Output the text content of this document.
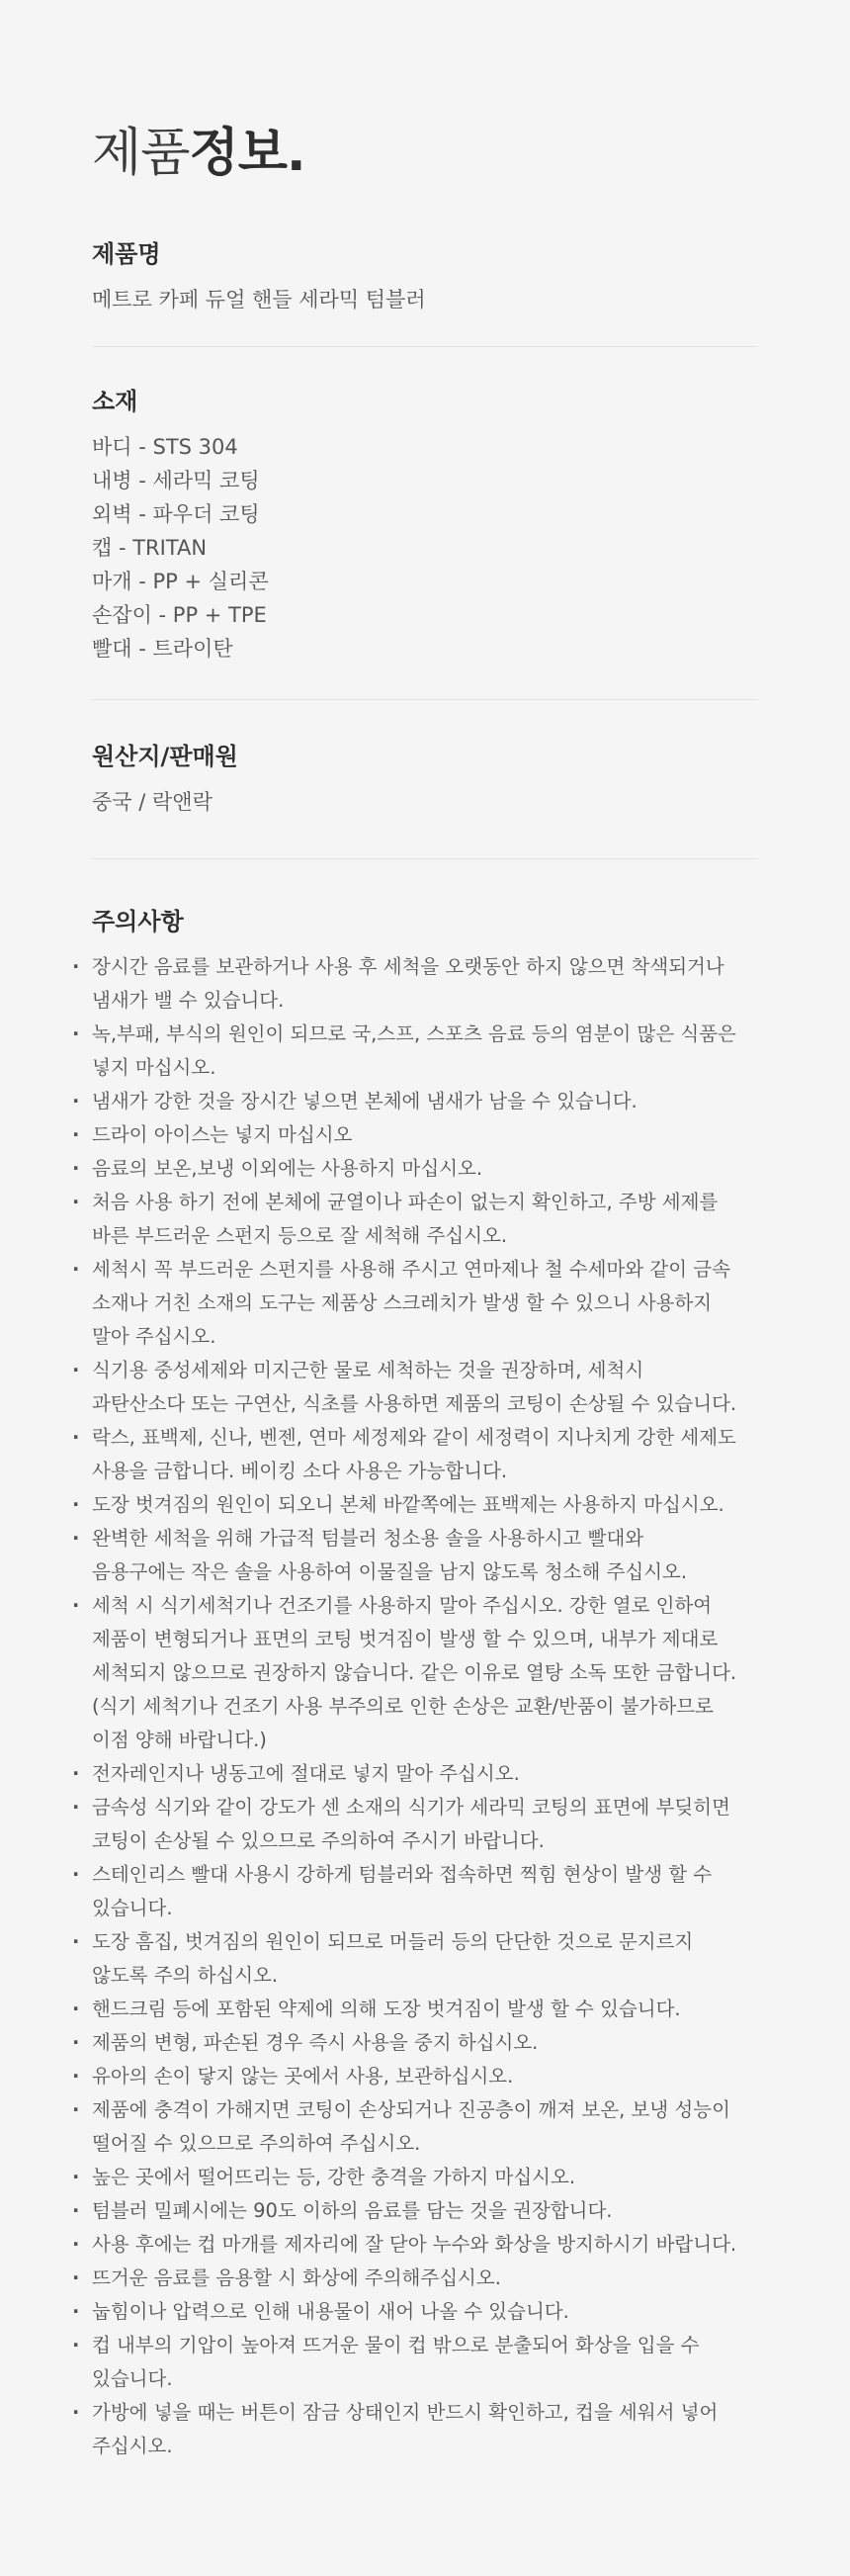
제품정보.
제품명
메트로 카페 듀얼 핸들 세라믹 텀블러
소재
바디 - STS 304
내병 - 세라믹 코팅
외벽 - 파우더 코팅
캡 - TRITAN
마개 - PP + 실리콘
손잡이 - PP + TPE
빨대 - 트라이탄
원산지/판매원
중국 / 락앤락
주의사항
· 장시간 음료를 보관하거나 사용 후 세척을 오랫동안 하지 않으면 착색되거나
냄새가 밸 수 있습니다.
· 녹,부패, 부식의 원인이 되므로 국,스프, 스포츠 음료 등의 염분이 많은 식품은
넣지 마십시오.
· 냄새가 강한 것을 장시간 넣으면 본체에 냄새가 남을 수 있습니다.
· 드라이 아이스는 넣지 마십시오
· 음료의 보온,보냉 이외에는 사용하지 마십시오.
· 처음 사용 하기 전에 본체에 균열이나 파손이 없는지 확인하고, 주방 세제를
바른 부드러운 스펀지 등으로 잘 세척해 주십시오.
· 세척시 꼭 부드러운 스펀지를 사용해 주시고 연마제나 철 수세마와 같이 금속
소재나 거친 소재의 도구는 제품상 스크레치가 발생 할 수 있으니 사용하지
말아 주십시오.
· 식기용 중성세제와 미지근한 물로 세척하는 것을 권장하며, 세척시
과탄산소다 또는 구연산, 식초를 사용하면 제품의 코팅이 손상될 수 있습니다.
· 락스, 표백제, 신나, 벤젠, 연마 세정제와 같이 세정력이 지나치게 강한 세제도
사용을 금합니다. 베이킹 소다 사용은 가능합니다.
· 도장 벗겨짐의 원인이 되오니 본체 바깥쪽에는 표백제는 사용하지 마십시오.
· 완벽한 세척을 위해 가급적 텀블러 청소용 솔을 사용하시고 빨대와
음용구에는 작은 솔을 사용하여 이물질을 남지 않도록 청소해 주십시오.
· 세척 시 식기세척기나 건조기를 사용하지 말아 주십시오. 강한 열로 인하여
제품이 변형되거나 표면의 코팅 벗겨짐이 발생 할 수 있으며, 내부가 제대로
세척되지 않으므로 권장하지 않습니다. 같은 이유로 열탕 소독 또한 금합니다.
(식기 세척기나 건조기 사용 부주의로 인한 손상은 교환/반품이 불가하므로
이점 양해 바랍니다.)
· 전자레인지나 냉동고에 절대로 넣지 말아 주십시오.
· 금속성 식기와 같이 강도가 센 소재의 식기가 세라믹 코팅의 표면에 부딪히면
코팅이 손상될 수 있으므로 주의하여 주시기 바랍니다.
· 스테인리스 빨대 사용시 강하게 텀블러와 접속하면 찍힘 현상이 발생 할 수
있습니다.
· 도장 흠집, 벗겨짐의 원인이 되므로 머들러 등의 단단한 것으로 문지르지
않도록 주의 하십시오.
· 핸드크림 등에 포함된 약제에 의해 도장 벗겨짐이 발생 할 수 있습니다.
· 제품의 변형, 파손된 경우 즉시 사용을 중지 하십시오.
· 유아의 손이 닿지 않는 곳에서 사용, 보관하십시오.
· 제품에 충격이 가해지면 코팅이 손상되거나 진공층이 깨져 보온, 보냉 성능이
떨어질 수 있으므로 주의하여 주십시오.
· 높은 곳에서 떨어뜨리는 등, 강한 충격을 가하지 마십시오.
· 텀블러 밀폐시에는 90도 이하의 음료를 담는 것을 권장합니다.
· 사용 후에는 컵 마개를 제자리에 잘 닫아 누수와 화상을 방지하시기 바랍니다.
· 뜨거운 음료를 음용할 시 화상에 주의해주십시오.
· 눕힘이나 압력으로 인해 내용물이 새어 나올 수 있습니다.
· 컵 내부의 기압이 높아져 뜨거운 물이 컵 밖으로 분출되어 화상을 입을 수
있습니다.
· 가방에 넣을 때는 버튼이 잠금 상태인지 반드시 확인하고, 컵을 세워서 넣어
주십시오.
